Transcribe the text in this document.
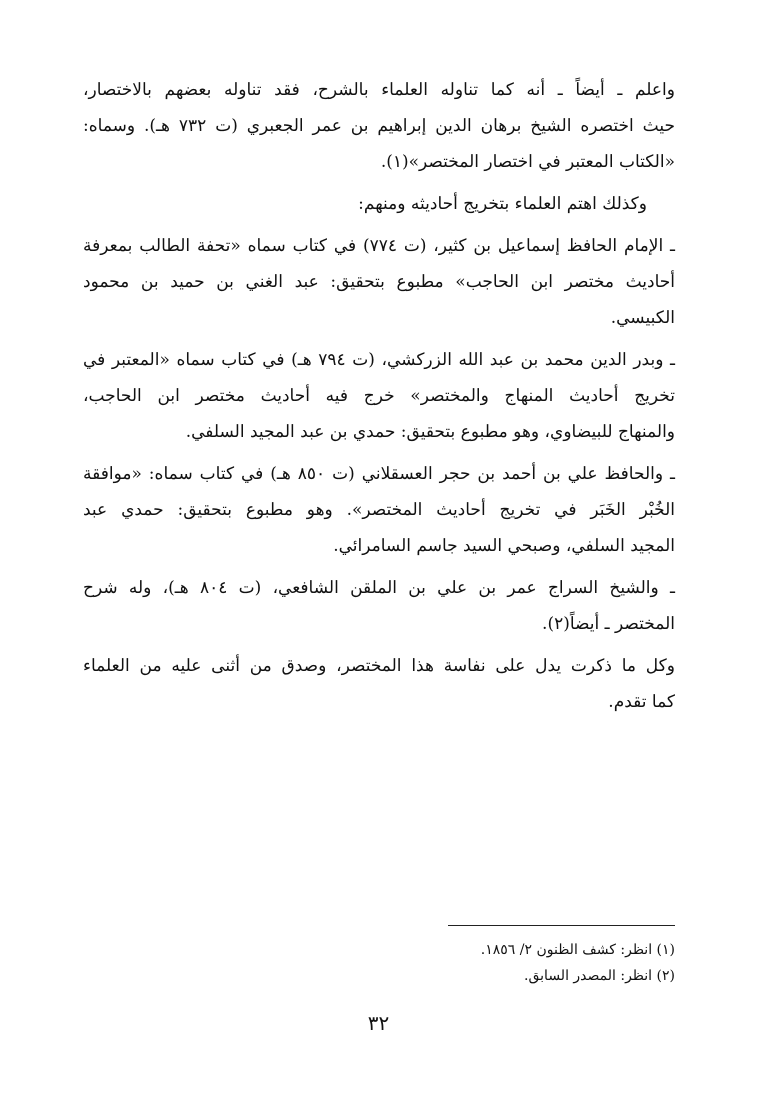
واعلم ـ أيضاً ـ أنه كما تناوله العلماء بالشرح، فقد تناوله بعضهم بالاختصار،
حيث اختصره الشيخ برهان الدين إبراهيم بن عمر الجعبري (ت ٧٣٢ هـ). وسماه:
«الكتاب المعتبر في اختصار المختصر»(١).
وكذلك اهتم العلماء بتخريج أحاديثه ومنهم:
ـ الإمام الحافظ إسماعيل بن كثير، (ت ٧٧٤) في كتاب سماه «تحفة الطالب بمعرفة
أحاديث مختصر ابن الحاجب» مطبوع بتحقيق: عبد الغني بن حميد بن محمود
الكبيسي.
ـ وبدر الدين محمد بن عبد الله الزركشي، (ت ٧٩٤ هـ) في كتاب سماه «المعتبر في
تخريج أحاديث المنهاج والمختصر» خرج فيه أحاديث مختصر ابن الحاجب،
والمنهاج للبيضاوي، وهو مطبوع بتحقيق: حمدي بن عبد المجيد السلفي.
ـ والحافظ علي بن أحمد بن حجر العسقلاني (ت ٨٥٠ هـ) في كتاب سماه: «موافقة
الخُبْر الخَبَر في تخريج أحاديث المختصر». وهو مطبوع بتحقيق: حمدي عبد
المجيد السلفي، وصبحي السيد جاسم السامرائي.
ـ والشيخ السراج عمر بن علي بن الملقن الشافعي، (ت ٨٠٤ هـ)، وله شرح
المختصر ـ أيضاً(٢).
وكل ما ذكرت يدل على نفاسة هذا المختصر، وصدق من أثنى عليه من العلماء
كما تقدم.
(١) انظر: كشف الظنون ٢/ ١٨٥٦.
(٢) انظر: المصدر السابق.
٣٢
